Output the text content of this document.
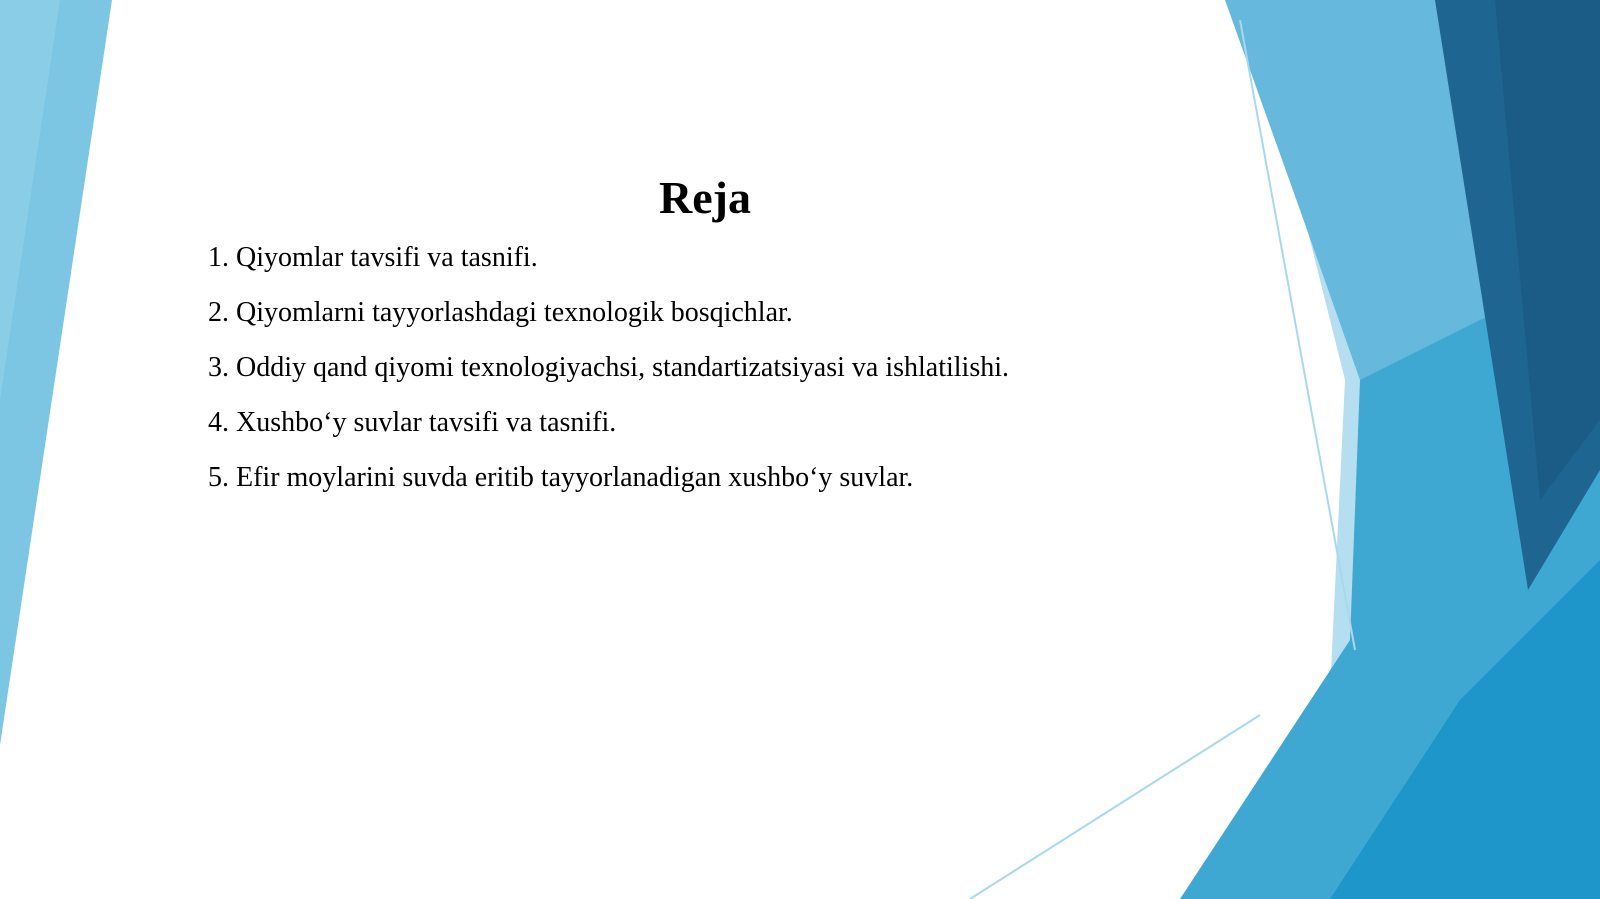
Reja
1. Qiyomlar tavsifi va tasnifi.
2. Qiyomlarni tayyorlashdagi texnologik bosqichlar.
3. Oddiy qand qiyomi texnologiyachsi, standartizatsiyasi va ishlatilishi.
4. Xushbo‘y suvlar tavsifi va tasnifi.
5. Efir moylarini suvda eritib tayyorlanadigan xushbo‘y suvlar.
